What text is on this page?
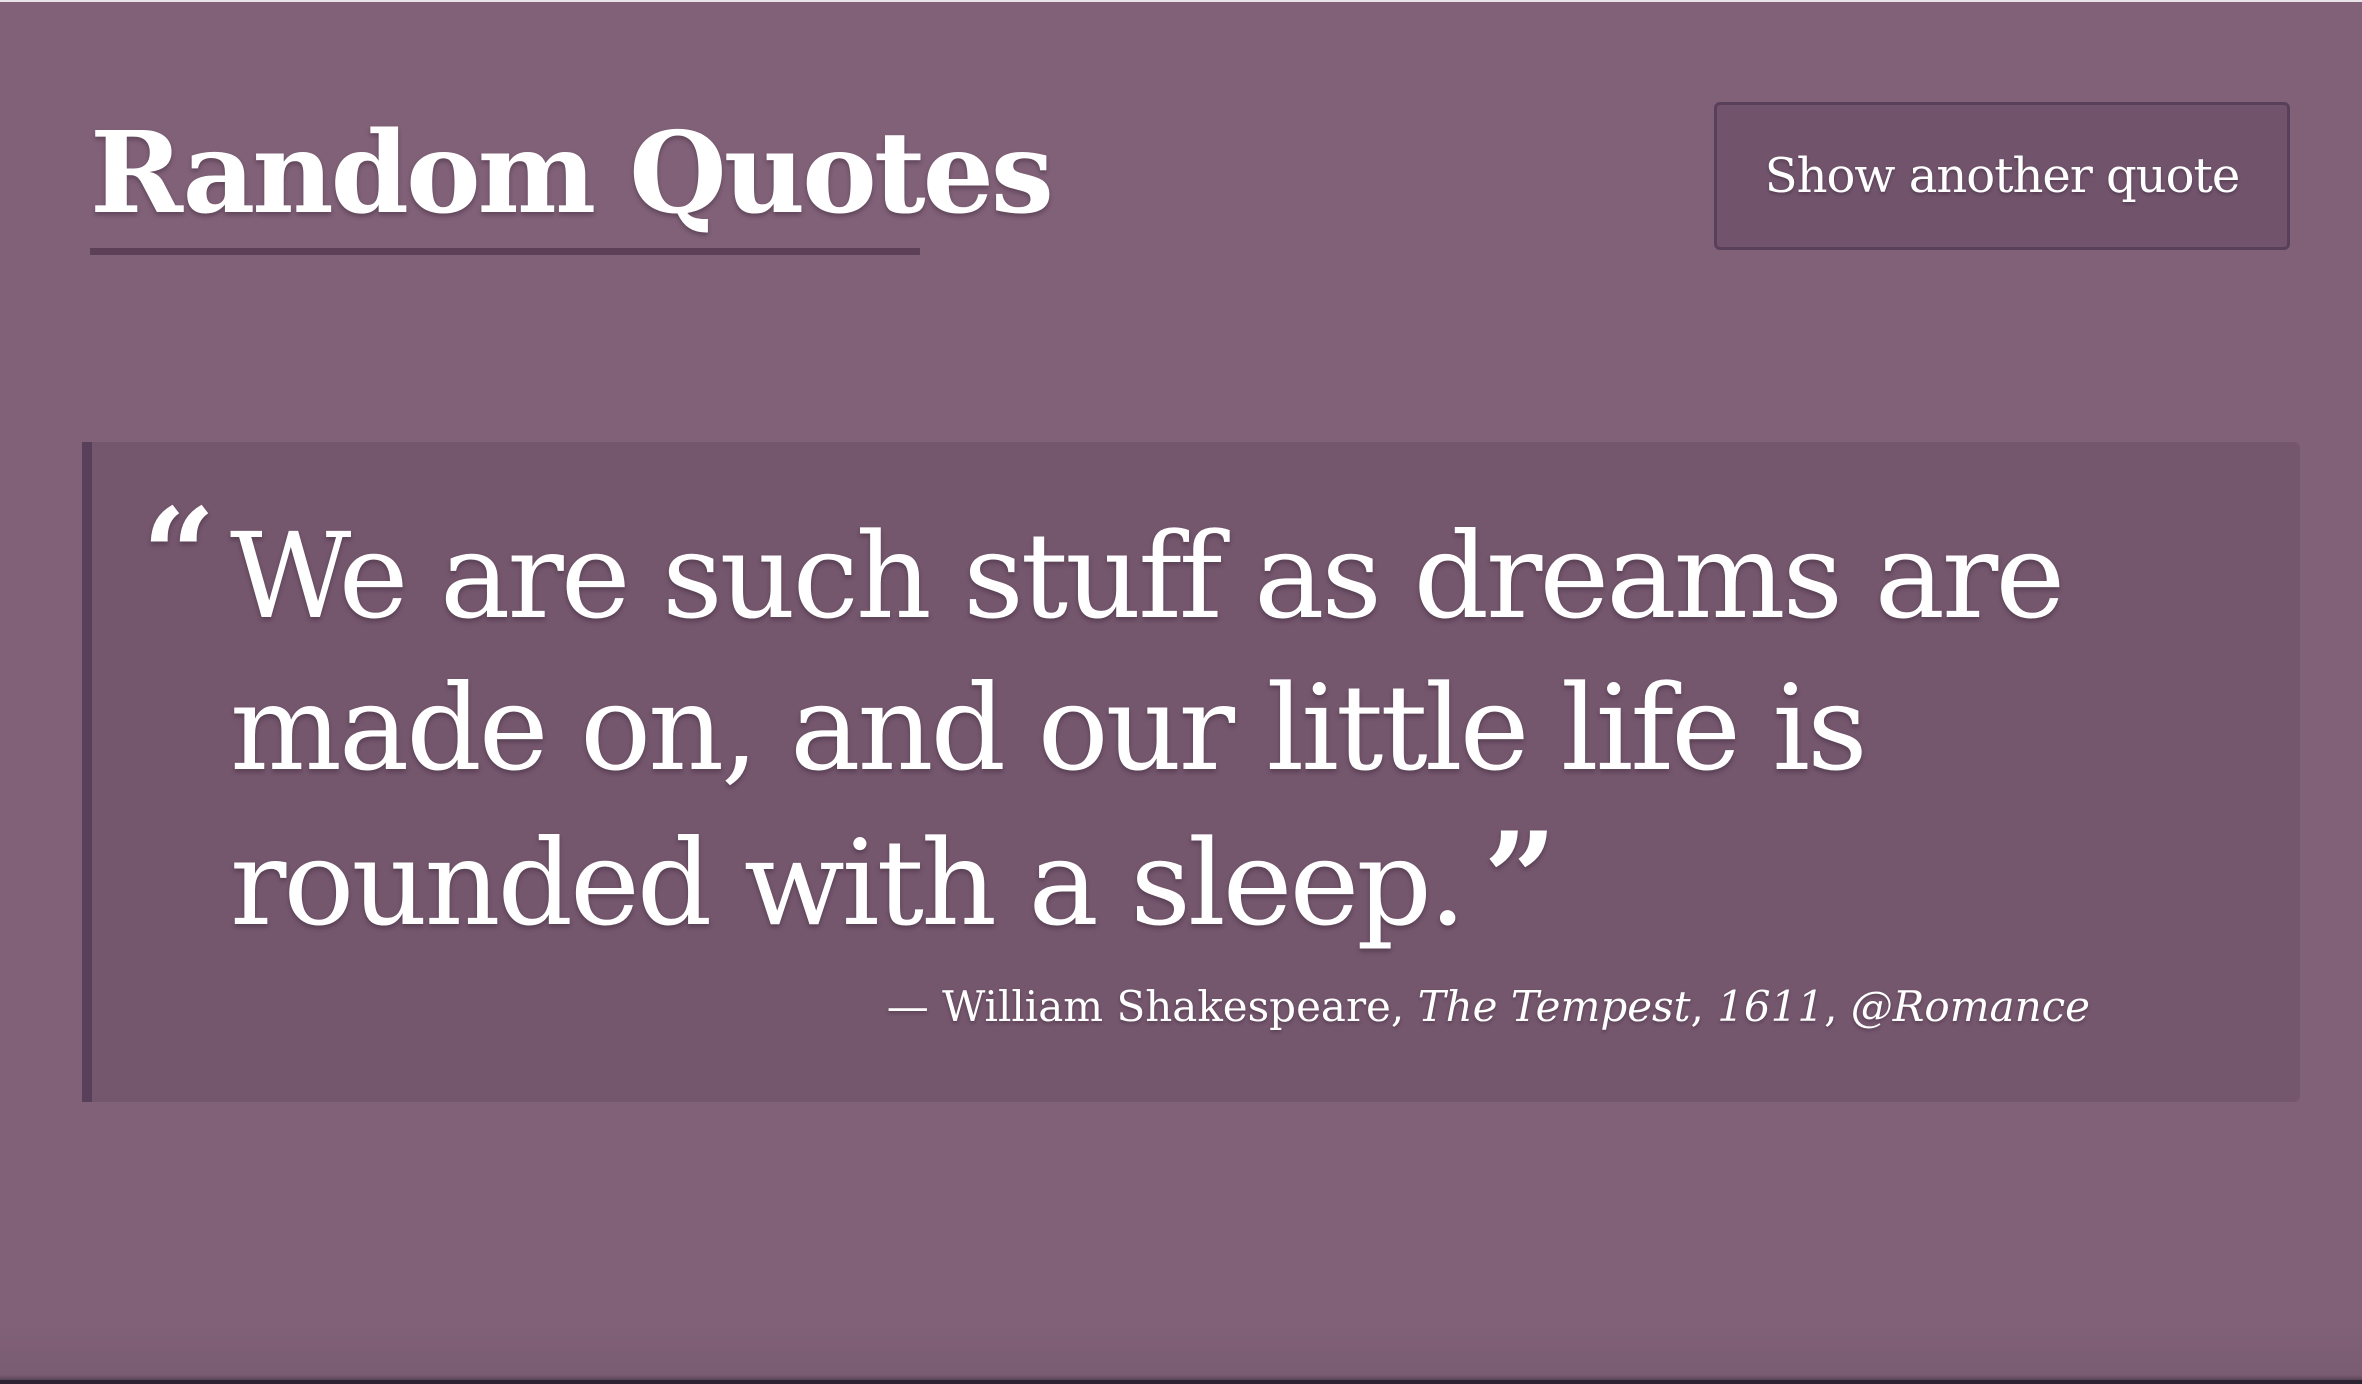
Random Quotes	Show another quote
“ We are such stuff as dreams are made on, and our little life is rounded with a sleep. ”

— William Shakespeare, The Tempest, 1611, @Romance
